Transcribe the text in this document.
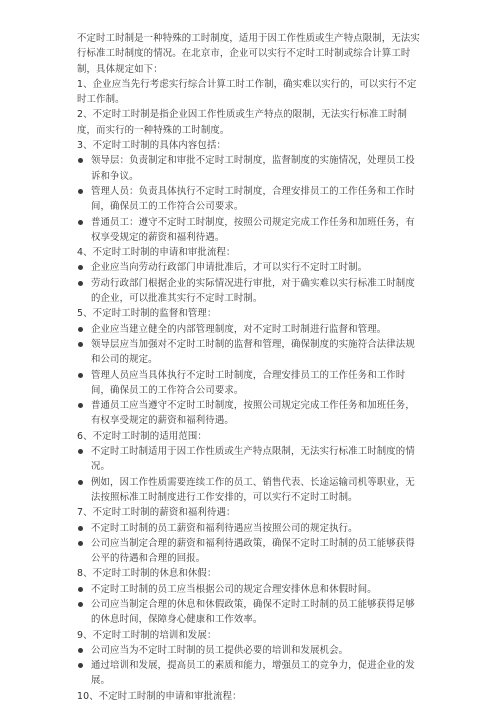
不定时工时制是一种特殊的工时制度，适用于因工作性质或生产特点限制，无法实行标准工时制度的情况。在北京市，企业可以实行不定时工时制或综合计算工时制，具体规定如下：

1、企业应当先行考虑实行综合计算工时工作制，确实难以实行的，可以实行不定时工作制。

2、不定时工时制是指企业因工作性质或生产特点的限制，无法实行标准工时制度，而实行的一种特殊的工时制度。

3、不定时工时制的具体内容包括：

领导层：负责制定和审批不定时工时制度，监督制度的实施情况，处理员工投诉和争议。
管理人员：负责具体执行不定时工时制度，合理安排员工的工作任务和工作时间，确保员工的工作符合公司要求。
普通员工：遵守不定时工时制度，按照公司规定完成工作任务和加班任务，有权享受规定的薪资和福利待遇。

4、不定时工时制的申请和审批流程：

企业应当向劳动行政部门申请批准后，才可以实行不定时工时制。
劳动行政部门根据企业的实际情况进行审批，对于确实难以实行标准工时制度的企业，可以批准其实行不定时工时制。

5、不定时工时制的监督和管理：

企业应当建立健全的内部管理制度，对不定时工时制进行监督和管理。
领导层应当加强对不定时工时制的监督和管理，确保制度的实施符合法律法规和公司的规定。
管理人员应当具体执行不定时工时制度，合理安排员工的工作任务和工作时间，确保员工的工作符合公司要求。
普通员工应当遵守不定时工时制度，按照公司规定完成工作任务和加班任务，有权享受规定的薪资和福利待遇。

6、不定时工时制的适用范围：

不定时工时制适用于因工作性质或生产特点限制，无法实行标准工时制度的情况。
例如，因工作性质需要连续工作的员工、销售代表、长途运输司机等职业，无法按照标准工时制度进行工作安排的，可以实行不定时工时制。

7、不定时工时制的薪资和福利待遇：

不定时工时制的员工薪资和福利待遇应当按照公司的规定执行。
公司应当制定合理的薪资和福利待遇政策，确保不定时工时制的员工能够获得公平的待遇和合理的回报。

8、不定时工时制的休息和休假：

不定时工时制的员工应当根据公司的规定合理安排休息和休假时间。
公司应当制定合理的休息和休假政策，确保不定时工时制的员工能够获得足够的休息时间，保障身心健康和工作效率。

9、不定时工时制的培训和发展：

公司应当为不定时工时制的员工提供必要的培训和发展机会。
通过培训和发展，提高员工的素质和能力，增强员工的竞争力，促进企业的发展。

10、不定时工时制的申请和审批流程：
